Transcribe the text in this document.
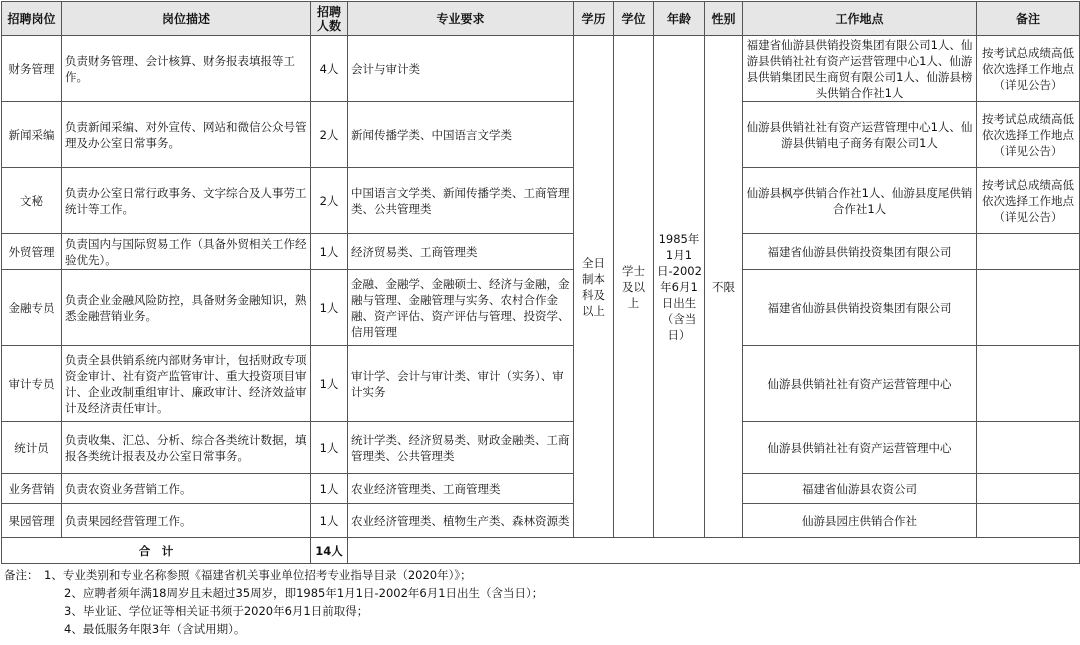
招聘岗位	岗位描述	招聘人数	专业要求	学历	学位	年龄	性别	工作地点	备注
财务管理	负责财务管理、会计核算、财务报表填报等工作。	4人	会计与审计类	全日制本科及以上	学士及以上	1985年1月1日-2002年6月1日出生（含当日）	不限	福建省仙游县供销投资集团有限公司1人、仙游县供销社社有资产运营管理中心1人、仙游县供销集团民生商贸有限公司1人、仙游县榜头供销合作社1人	按考试总成绩高低依次选择工作地点（详见公告）
新闻采编	负责新闻采编、对外宣传、网站和微信公众号管理及办公室日常事务。	2人	新闻传播学类、中国语言文学类					仙游县供销社社有资产运营管理中心1人、仙游县供销电子商务有限公司1人	按考试总成绩高低依次选择工作地点（详见公告）
文秘	负责办公室日常行政事务、文字综合及人事劳工统计等工作。	2人	中国语言文学类、新闻传播学类、工商管理类、公共管理类					仙游县枫亭供销合作社1人、仙游县度尾供销合作社1人	按考试总成绩高低依次选择工作地点（详见公告）
外贸管理	负责国内与国际贸易工作（具备外贸相关工作经验优先）。	1人	经济贸易类、工商管理类					福建省仙游县供销投资集团有限公司	
金融专员	负责企业金融风险防控，具备财务金融知识，熟悉金融营销业务。	1人	金融、金融学、金融硕士、经济与金融，金融与管理、金融管理与实务、农村合作金融、资产评估、资产评估与管理、投资学、信用管理					福建省仙游县供销投资集团有限公司	
审计专员	负责全县供销系统内部财务审计，包括财政专项资金审计、社有资产监管审计、重大投资项目审计、企业改制重组审计、廉政审计、经济效益审计及经济责任审计。	1人	审计学、会计与审计类、审计（实务）、审计实务					仙游县供销社社有资产运营管理中心	
统计员	负责收集、汇总、分析、综合各类统计数据，填报各类统计报表及办公室日常事务。	1人	统计学类、经济贸易类、财政金融类、工商管理类、公共管理类					仙游县供销社社有资产运营管理中心	
业务营销	负责农资业务营销工作。	1人	农业经济管理类、工商管理类					福建省仙游县农资公司	
果园管理	负责果园经营管理工作。	1人	农业经济管理类、植物生产类、森林资源类					仙游县园庄供销合作社	
合　计		14人							
备注： 1、专业类别和专业名称参照《福建省机关事业单位招考专业指导目录（2020年）》；
2、应聘者须年满18周岁且未超过35周岁，即1985年1月1日-2002年6月1日出生（含当日）；
3、毕业证、学位证等相关证书须于2020年6月1日前取得；
4、最低服务年限3年（含试用期）。
